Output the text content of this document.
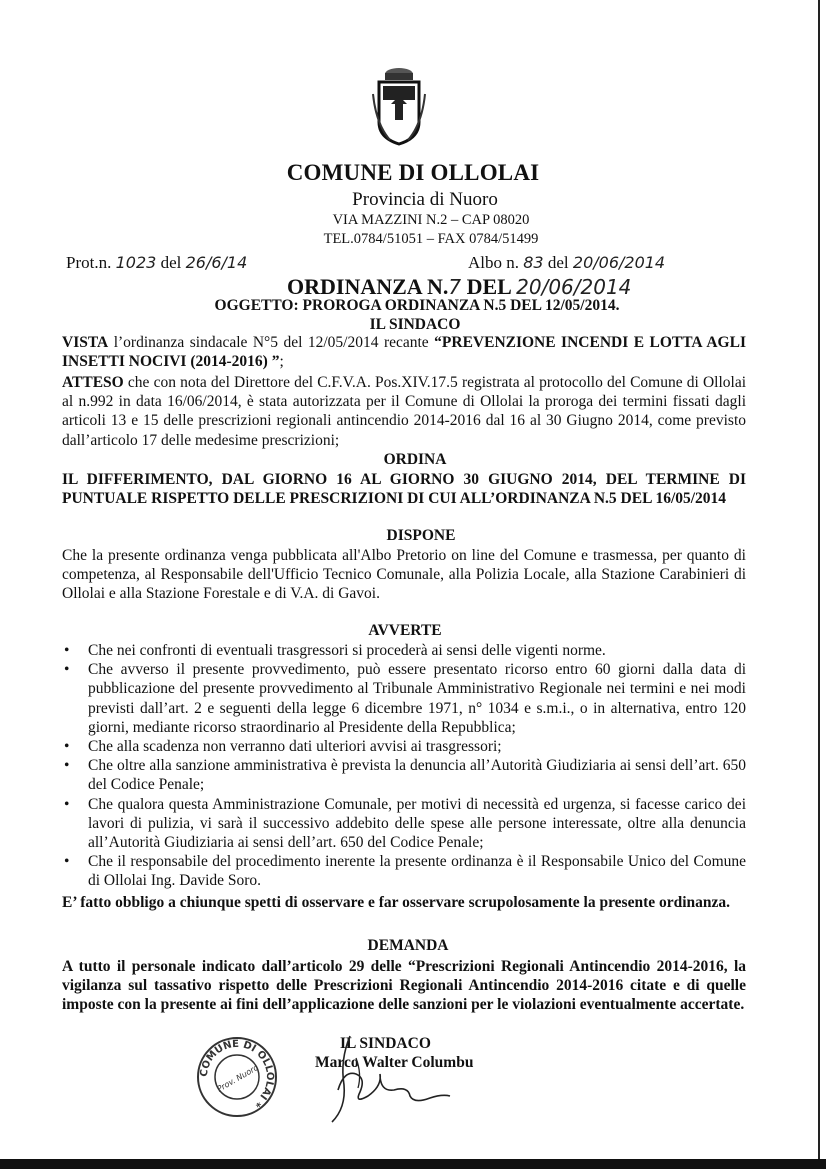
COMUNE DI OLLOLAI
Provincia di Nuoro
VIA MAZZINI N.2 – CAP 08020
TEL.0784/51051 – FAX 0784/51499
Prot.n. 1023 del 26/6/14	Albo n. 83 del 20/06/2014
ORDINANZA N.7 DEL 20/06/2014
OGGETTO: PROROGA ORDINANZA N.5 DEL 12/05/2014.
IL SINDACO
VISTA l’ordinanza sindacale N°5 del 12/05/2014 recante “PREVENZIONE INCENDI E LOTTA AGLI INSETTI NOCIVI (2014-2016) ”;
ATTESO che con nota del Direttore del C.F.V.A. Pos.XIV.17.5 registrata al protocollo del Comune di Ollolai al n.992 in data 16/06/2014, è stata autorizzata per il Comune di Ollolai la proroga dei termini fissati dagli articoli 13 e 15 delle prescrizioni regionali antincendio 2014-2016 dal 16 al 30 Giugno 2014, come previsto dall’articolo 17 delle medesime prescrizioni;
ORDINA
IL DIFFERIMENTO, DAL GIORNO 16 AL GIORNO 30 GIUGNO 2014, DEL TERMINE DI PUNTUALE RISPETTO DELLE PRESCRIZIONI DI CUI ALL’ORDINANZA N.5 DEL 16/05/2014
DISPONE
Che la presente ordinanza venga pubblicata all'Albo Pretorio on line del Comune e trasmessa, per quanto di competenza, al Responsabile dell'Ufficio Tecnico Comunale, alla Polizia Locale, alla Stazione Carabinieri di Ollolai e alla Stazione Forestale e di V.A. di Gavoi.
AVVERTE
• Che nei confronti di eventuali trasgressori si procederà ai sensi delle vigenti norme.
• Che avverso il presente provvedimento, può essere presentato ricorso entro 60 giorni dalla data di pubblicazione del presente provvedimento al Tribunale Amministrativo Regionale nei termini e nei modi previsti dall’art. 2 e seguenti della legge 6 dicembre 1971, n° 1034 e s.m.i., o in alternativa, entro 120 giorni, mediante ricorso straordinario al Presidente della Repubblica;
• Che alla scadenza non verranno dati ulteriori avvisi ai trasgressori;
• Che oltre alla sanzione amministrativa è prevista la denuncia all’Autorità Giudiziaria ai sensi dell’art. 650 del Codice Penale;
• Che qualora questa Amministrazione Comunale, per motivi di necessità ed urgenza, si facesse carico dei lavori di pulizia, vi sarà il successivo addebito delle spese alle persone interessate, oltre alla denuncia all’Autorità Giudiziaria ai sensi dell’art. 650 del Codice Penale;
• Che il responsabile del procedimento inerente la presente ordinanza è il Responsabile Unico del Comune di Ollolai Ing. Davide Soro.
E’ fatto obbligo a chiunque spetti di osservare e far osservare scrupolosamente la presente ordinanza.
DEMANDA
A tutto il personale indicato dall’articolo 29 delle “Prescrizioni Regionali Antincendio 2014-2016, la vigilanza sul tassativo rispetto delle Prescrizioni Regionali Antincendio 2014-2016 citate e di quelle imposte con la presente ai fini dell’applicazione delle sanzioni per le violazioni eventualmente accertate.
COMUNE DI OLLOLAI *
Prov. Nuoro
IL SINDACO
Marco Walter Columbu
